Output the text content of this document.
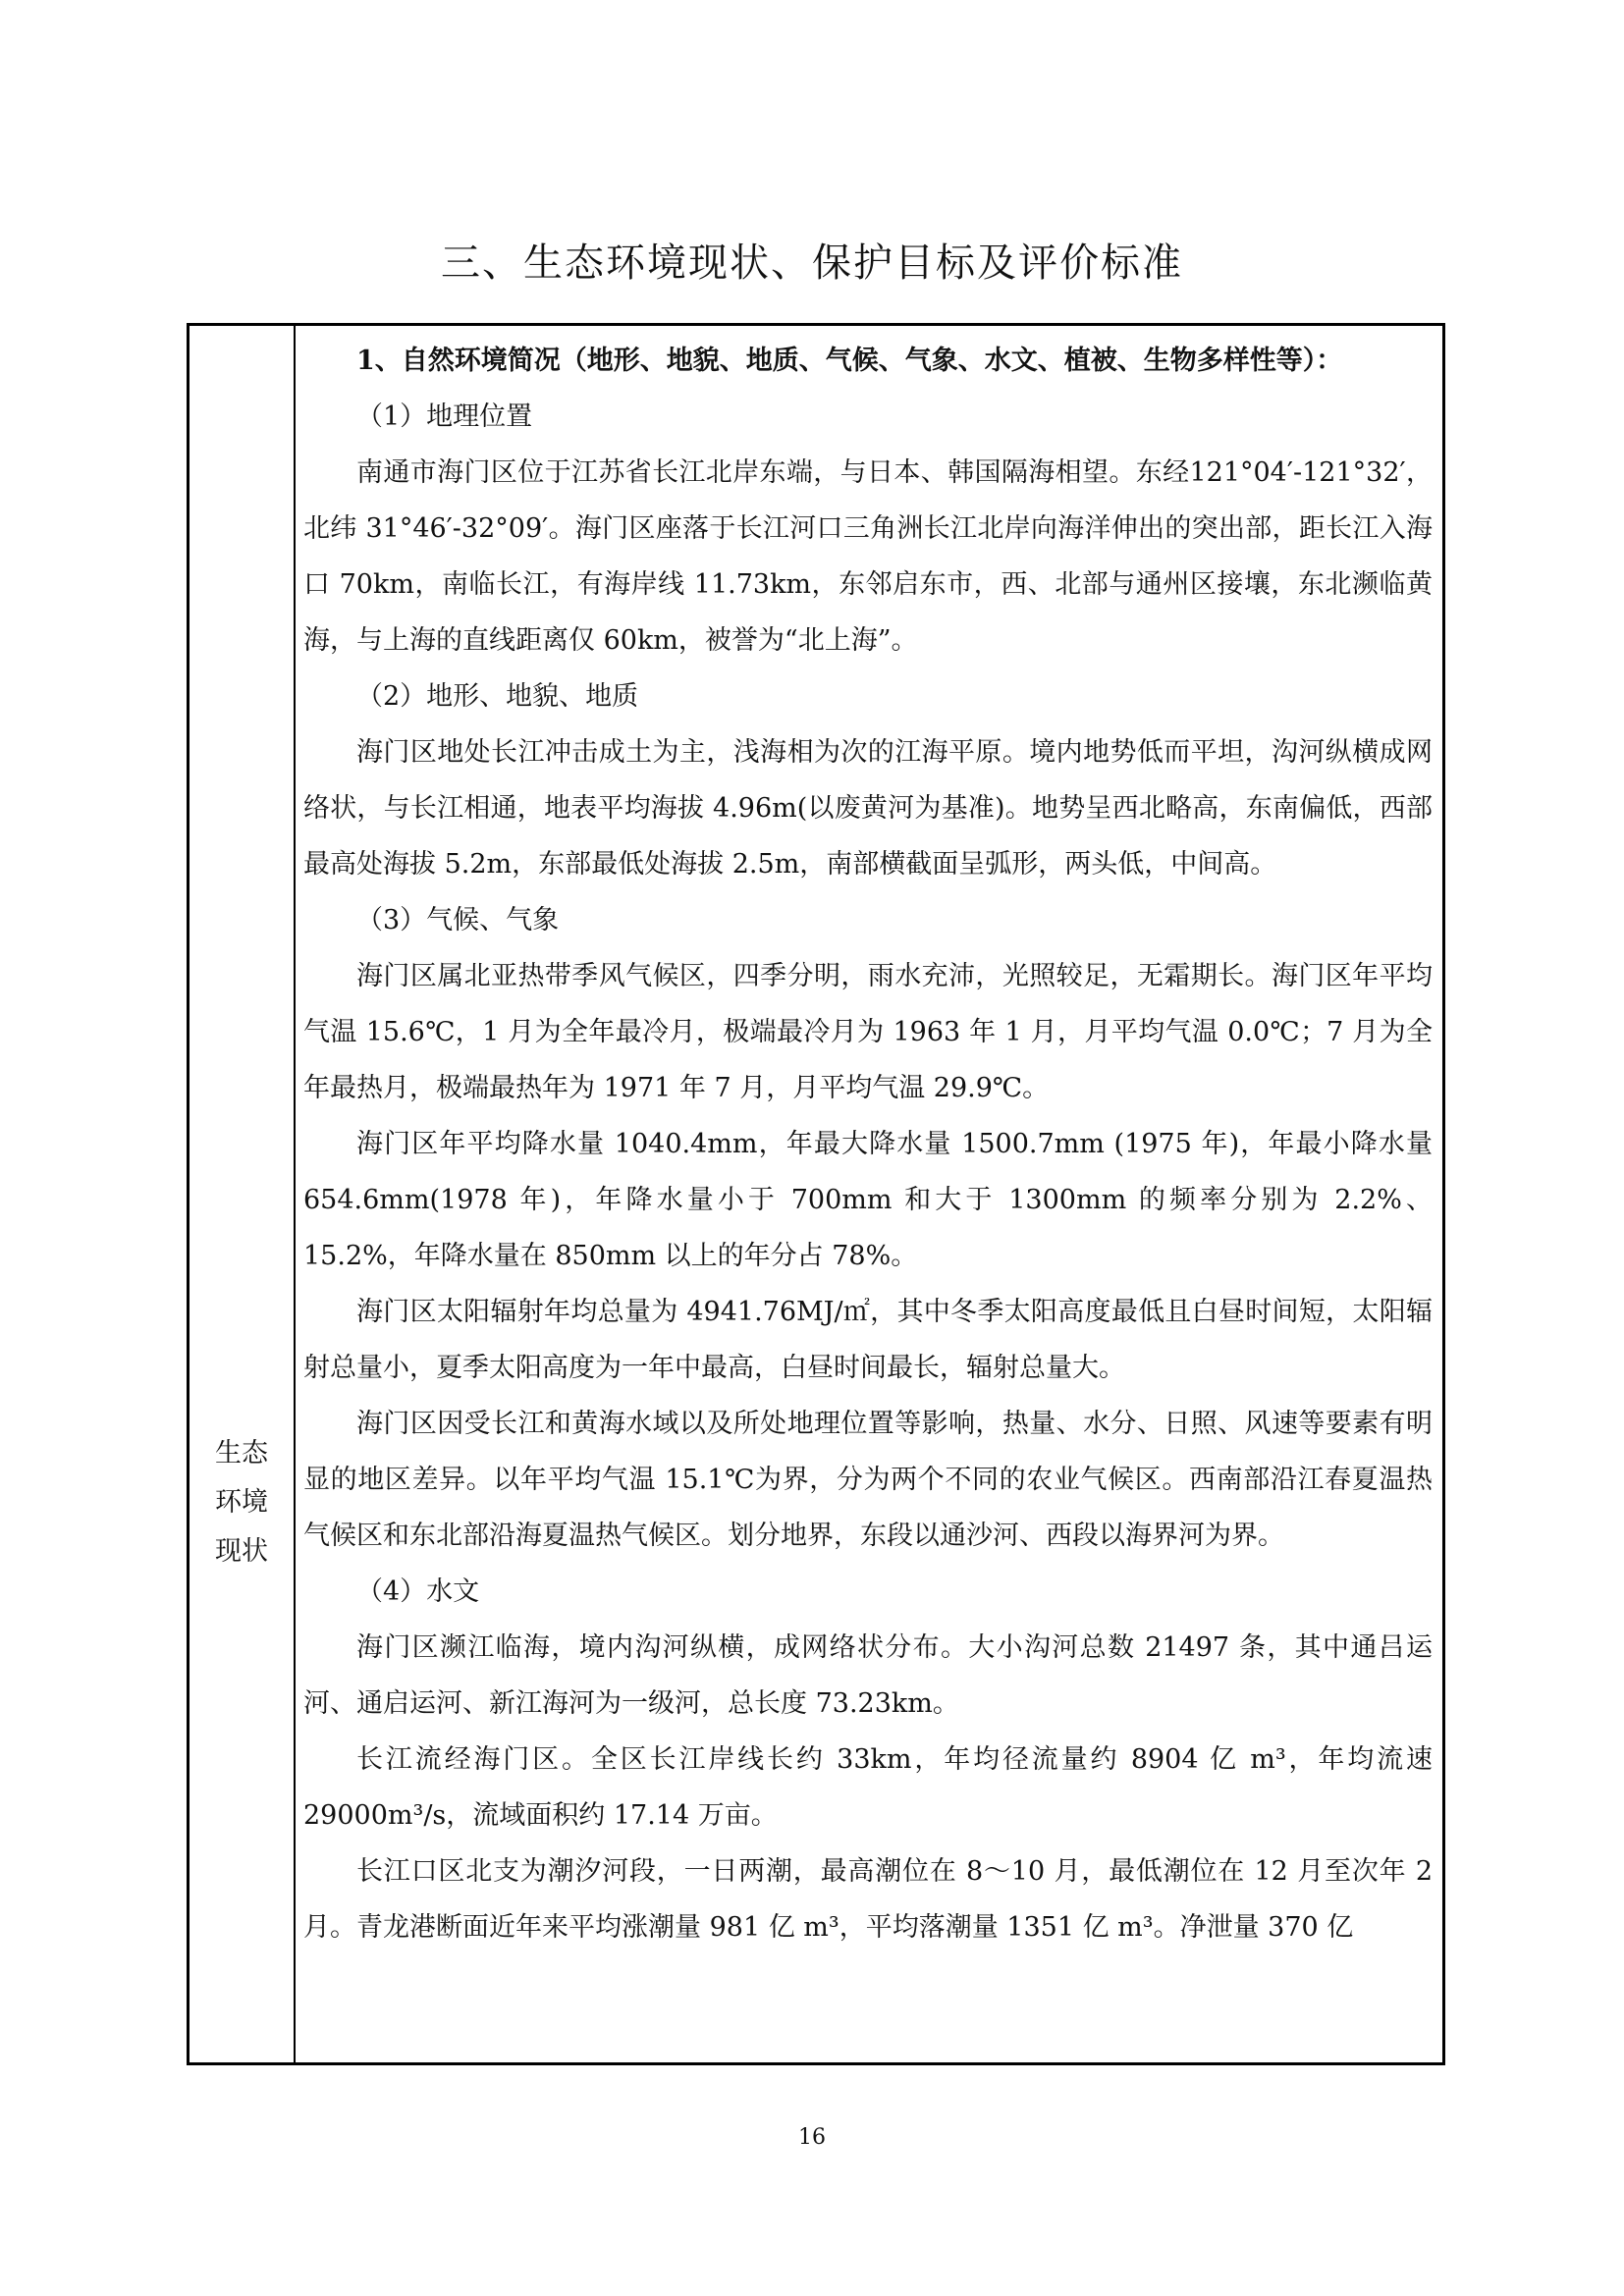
三、生态环境现状、保护目标及评价标准
生态
环境
现状

1、自然环境简况（地形、地貌、地质、气候、气象、水文、植被、生物多样性等）：

（1）地理位置

南通市海门区位于江苏省长江北岸东端，与日本、韩国隔海相望。东经121°04′-121°32′，北纬 31°46′-32°09′。海门区座落于长江河口三角洲长江北岸向海洋伸出的突出部，距长江入海口 70km，南临长江，有海岸线 11.73km，东邻启东市，西、北部与通州区接壤，东北濒临黄海，与上海的直线距离仅 60km，被誉为“北上海”。

（2）地形、地貌、地质

海门区地处长江冲击成土为主，浅海相为次的江海平原。境内地势低而平坦，沟河纵横成网络状，与长江相通，地表平均海拔 4.96m(以废黄河为基准)。地势呈西北略高，东南偏低，西部最高处海拔 5.2m，东部最低处海拔 2.5m，南部横截面呈弧形，两头低，中间高。

（3）气候、气象

海门区属北亚热带季风气候区，四季分明，雨水充沛，光照较足，无霜期长。海门区年平均气温 15.6℃，1 月为全年最冷月，极端最冷月为 1963 年 1 月，月平均气温 0.0℃；7 月为全年最热月，极端最热年为 1971 年 7 月，月平均气温 29.9℃。

海门区年平均降水量 1040.4mm，年最大降水量 1500.7mm (1975 年)，年最小降水量 654.6mm(1978 年)，年降水量小于 700mm 和大于 1300mm 的频率分别为 2.2%、15.2%，年降水量在 850mm 以上的年分占 78%。

海门区太阳辐射年均总量为 4941.76MJ/㎡，其中冬季太阳高度最低且白昼时间短，太阳辐射总量小，夏季太阳高度为一年中最高，白昼时间最长，辐射总量大。

海门区因受长江和黄海水域以及所处地理位置等影响，热量、水分、日照、风速等要素有明显的地区差异。以年平均气温 15.1℃为界，分为两个不同的农业气候区。西南部沿江春夏温热气候区和东北部沿海夏温热气候区。划分地界，东段以通沙河、西段以海界河为界。

（4）水文

海门区濒江临海，境内沟河纵横，成网络状分布。大小沟河总数 21497 条，其中通吕运河、通启运河、新江海河为一级河，总长度 73.23km。

长江流经海门区。全区长江岸线长约 33km，年均径流量约 8904 亿 m³，年均流速 29000m³/s，流域面积约 17.14 万亩。

长江口区北支为潮汐河段，一日两潮，最高潮位在 8～10 月，最低潮位在 12 月至次年 2 月。青龙港断面近年来平均涨潮量 981 亿 m³，平均落潮量 1351 亿 m³。净泄量 370 亿

16
